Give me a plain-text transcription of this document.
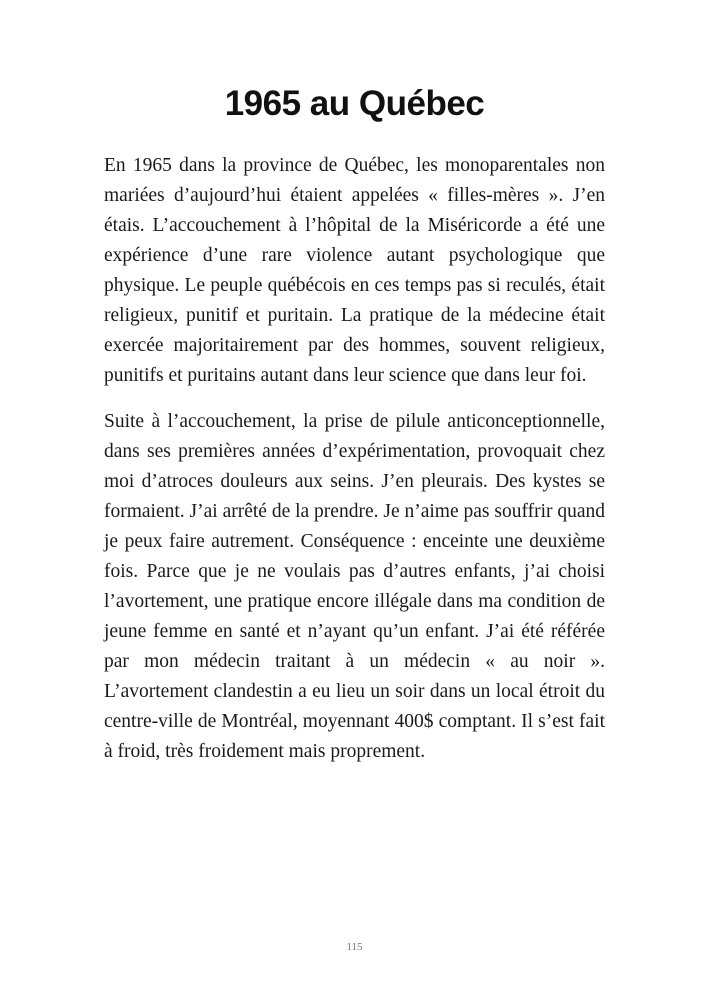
1965 au Québec

En 1965 dans la province de Québec, les monoparentales non mariées d’aujourd’hui étaient appelées « filles-mères ». J’en étais. L’accouchement à l’hôpital de la Miséricorde a été une expérience d’une rare violence autant psychologique que physique. Le peuple québécois en ces temps pas si reculés, était religieux, punitif et puritain. La pratique de la médecine était exercée majoritairement par des hommes, souvent religieux, punitifs et puritains autant dans leur science que dans leur foi.

Suite à l’accouchement, la prise de pilule anticonceptionnelle, dans ses premières années d’expérimentation, provoquait chez moi d’atroces douleurs aux seins. J’en pleurais. Des kystes se formaient. J’ai arrêté de la prendre. Je n’aime pas souffrir quand je peux faire autrement. Conséquence : enceinte une deuxième fois. Parce que je ne voulais pas d’autres enfants, j’ai choisi l’avortement, une pratique encore illégale dans ma condition de jeune femme en santé et n’ayant qu’un enfant. J’ai été référée par mon médecin traitant à un médecin « au noir ». L’avortement clandestin a eu lieu un soir dans un local étroit du centre-ville de Montréal, moyennant 400$ comptant. Il s’est fait à froid, très froidement mais proprement.

115
